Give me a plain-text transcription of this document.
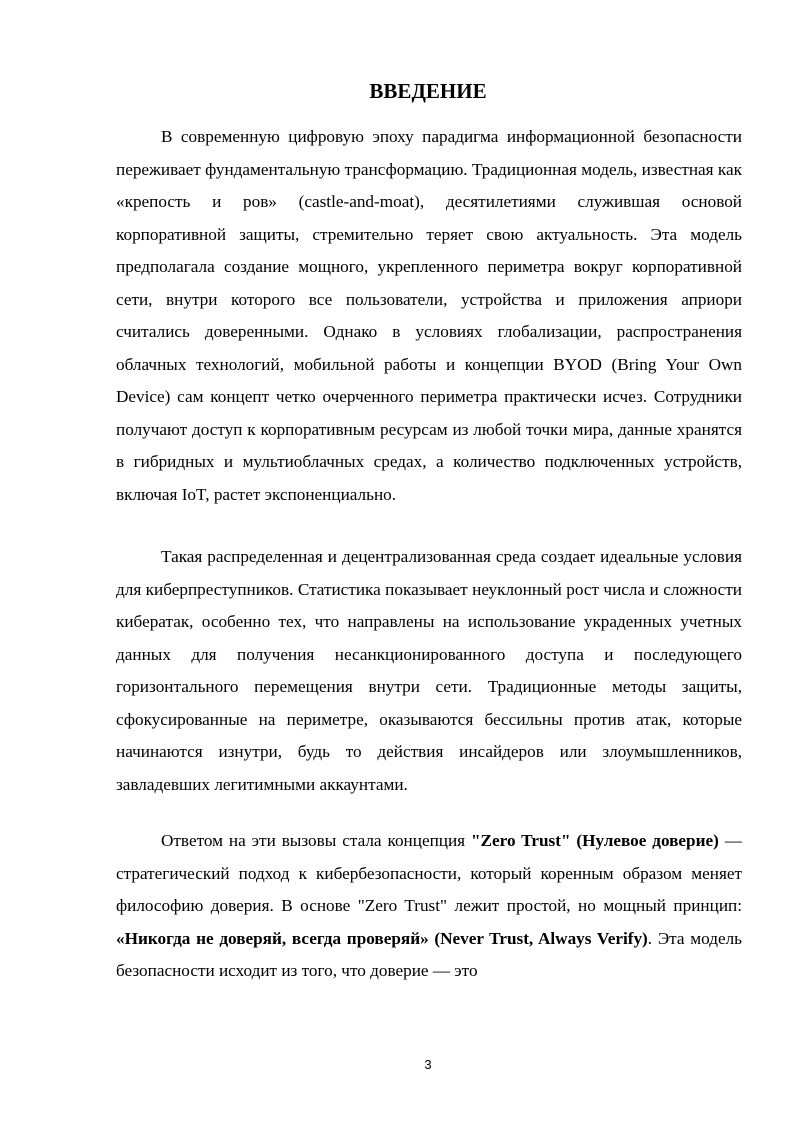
ВВЕДЕНИЕ

В современную цифровую эпоху парадигма информационной безопасности переживает фундаментальную трансформацию. Традиционная модель, известная как «крепость и ров» (castle-and-moat), десятилетиями служившая основой корпоративной защиты, стремительно теряет свою актуальность. Эта модель предполагала создание мощного, укрепленного периметра вокруг корпоративной сети, внутри которого все пользователи, устройства и приложения априори считались доверенными. Однако в условиях глобализации, распространения облачных технологий, мобильной работы и концепции BYOD (Bring Your Own Device) сам концепт четко очерченного периметра практически исчез. Сотрудники получают доступ к корпоративным ресурсам из любой точки мира, данные хранятся в гибридных и мультиоблачных средах, а количество подключенных устройств, включая IoT, растет экспоненциально.

Такая распределенная и децентрализованная среда создает идеальные условия для киберпреступников. Статистика показывает неуклонный рост числа и сложности кибератак, особенно тех, что направлены на использование украденных учетных данных для получения несанкционированного доступа и последующего горизонтального перемещения внутри сети. Традиционные методы защиты, сфокусированные на периметре, оказываются бессильны против атак, которые начинаются изнутри, будь то действия инсайдеров или злоумышленников, завладевших легитимными аккаунтами.

Ответом на эти вызовы стала концепция "Zero Trust" (Нулевое доверие) — стратегический подход к кибербезопасности, который коренным образом меняет философию доверия. В основе "Zero Trust" лежит простой, но мощный принцип: «Никогда не доверяй, всегда проверяй» (Never Trust, Always Verify). Эта модель безопасности исходит из того, что доверие — это

3
